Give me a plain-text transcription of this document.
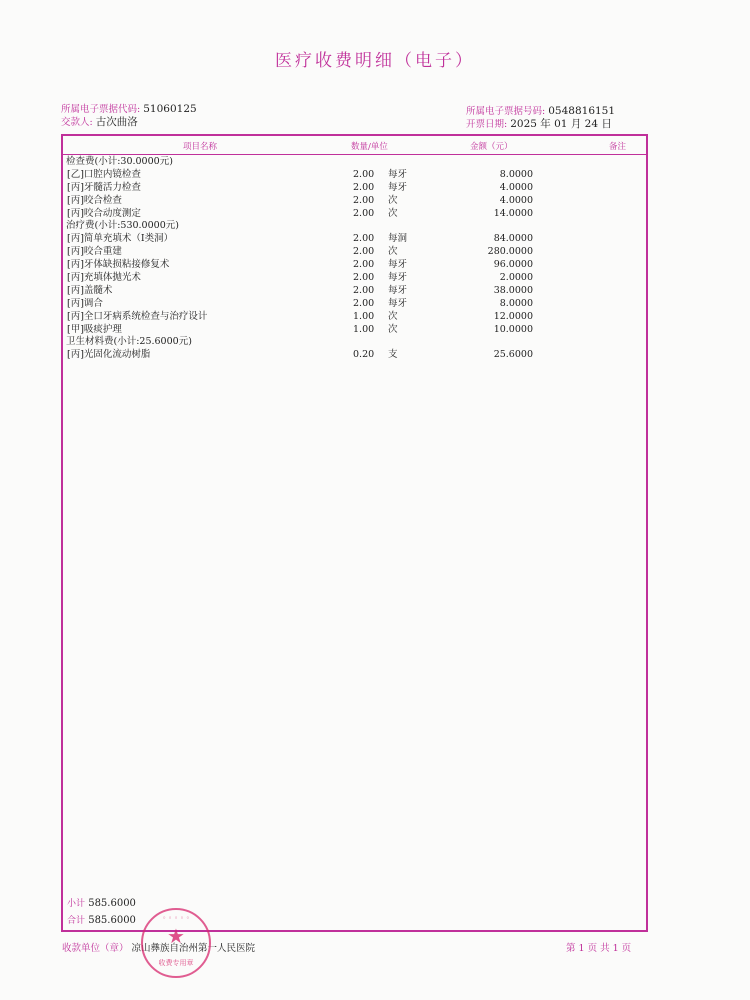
医疗收费明细（电子）
所属电子票据代码: 51060125
交款人: 古次曲洛
所属电子票据号码: 0548816151
开票日期: 2025 年 01 月 24 日
项目名称	数量/单位	金额（元）	备注
检查费(小计:30.0000元)
[乙]口腔内镜检查	2.00 每牙	8.0000
[丙]牙髓活力检查	2.00 每牙	4.0000
[丙]咬合检查	2.00 次	4.0000
[丙]咬合动度测定	2.00 次	14.0000
治疗费(小计:530.0000元)
[丙]简单充填术（I类洞）	2.00 每洞	84.0000
[丙]咬合重建	2.00 次	280.0000
[丙]牙体缺损粘接修复术	2.00 每牙	96.0000
[丙]充填体抛光术	2.00 每牙	2.0000
[丙]盖髓术	2.00 每牙	38.0000
[丙]调合	2.00 每牙	8.0000
[丙]全口牙病系统检查与治疗设计	1.00 次	12.0000
[甲]吸痰护理	1.00 次	10.0000
卫生材料费(小计:25.6000元)
[丙]光固化流动树脂	0.20 支	25.6000
小计 585.6000
合计 585.6000
收款单位（章） 凉山彝族自治州第一人民医院	第 1 页 共 1 页
◦ ◦ ◦ ◦ ◦
★
收费专用章
